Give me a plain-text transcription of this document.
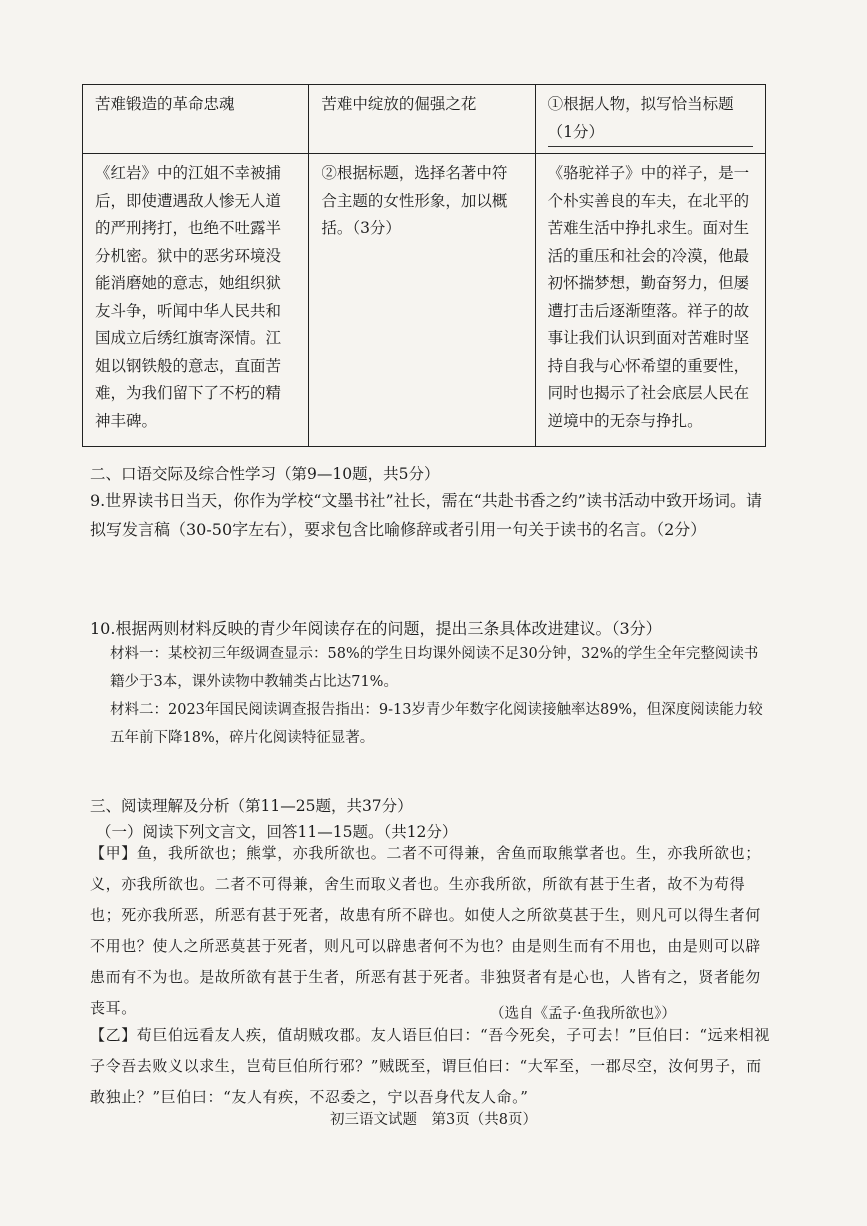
苦难锻造的革命忠魂	苦难中绽放的倔强之花	①根据人物，拟写恰当标题
（1分）

《红岩》中的江姐不幸被捕后，即使遭遇敌人惨无人道的严刑拷打，也绝不吐露半分机密。狱中的恶劣环境没能消磨她的意志，她组织狱友斗争，听闻中华人民共和国成立后绣红旗寄深情。江姐以钢铁般的意志，直面苦难，为我们留下了不朽的精神丰碑。	②根据标题，选择名著中符合主题的女性形象，加以概括。（3分）	《骆驼祥子》中的祥子，是一个朴实善良的车夫，在北平的苦难生活中挣扎求生。面对生活的重压和社会的冷漠，他最初怀揣梦想，勤奋努力，但屡遭打击后逐渐堕落。祥子的故事让我们认识到面对苦难时坚持自我与心怀希望的重要性，同时也揭示了社会底层人民在逆境中的无奈与挣扎。
二、口语交际及综合性学习（第9—10题，共5分）
9.世界读书日当天，你作为学校“文墨书社”社长，需在“共赴书香之约”读书活动中致开场词。请拟写发言稿（30-50字左右），要求包含比喻修辞或者引用一句关于读书的名言。（2分）
10.根据两则材料反映的青少年阅读存在的问题，提出三条具体改进建议。（3分）
材料一：某校初三年级调查显示：58%的学生日均课外阅读不足30分钟，32%的学生全年完整阅读书籍少于3本，课外读物中教辅类占比达71%。
材料二：2023年国民阅读调查报告指出：9-13岁青少年数字化阅读接触率达89%，但深度阅读能力较五年前下降18%，碎片化阅读特征显著。
三、阅读理解及分析（第11—25题，共37分）
（一）阅读下列文言文，回答11—15题。（共12分）
【甲】鱼，我所欲也；熊掌，亦我所欲也。二者不可得兼，舍鱼而取熊掌者也。生，亦我所欲也；义，亦我所欲也。二者不可得兼，舍生而取义者也。生亦我所欲，所欲有甚于生者，故不为苟得也；死亦我所恶，所恶有甚于死者，故患有所不辟也。如使人之所欲莫甚于生，则凡可以得生者何不用也？使人之所恶莫甚于死者，则凡可以辟患者何不为也？由是则生而有不用也，由是则可以辟患而有不为也。是故所欲有甚于生者，所恶有甚于死者。非独贤者有是心也，人皆有之，贤者能勿丧耳。	（选自《孟子·鱼我所欲也》）
【乙】荀巨伯远看友人疾，值胡贼攻郡。友人语巨伯曰：“吾今死矣，子可去！”巨伯曰：“远来相视子令吾去败义以求生，岂荀巨伯所行邪？”贼既至，谓巨伯曰：“大军至，一郡尽空，汝何男子，而敢独止？”巨伯曰：“友人有疾，不忍委之，宁以吾身代友人命。”
初三语文试题　第3页（共8页）
